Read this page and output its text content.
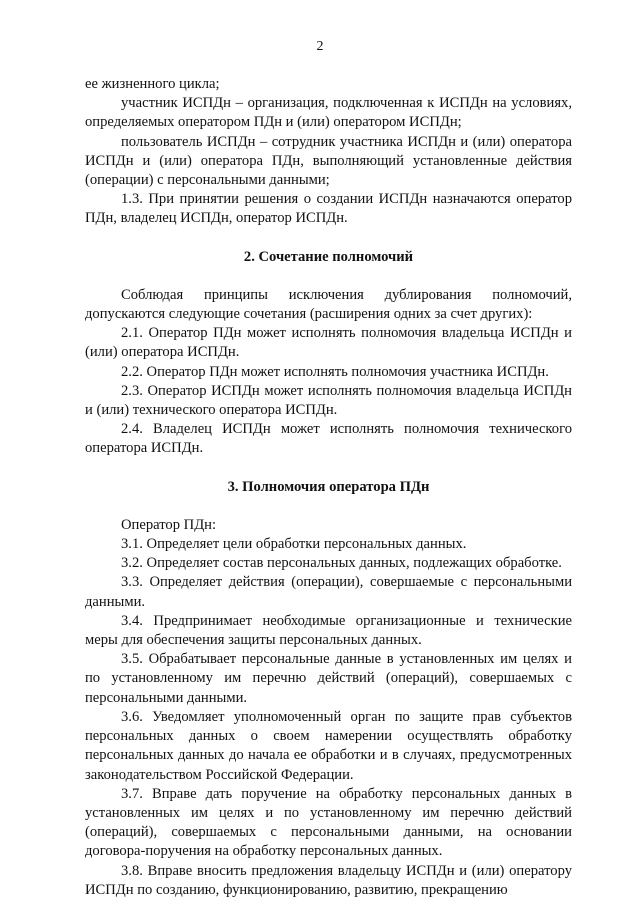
2

ее жизненного цикла;

участник ИСПДн – организация, подключенная к ИСПДн на условиях, определяемых оператором ПДн и (или) оператором ИСПДн;

пользователь ИСПДн – сотрудник участника ИСПДн и (или) оператора ИСПДн и (или) оператора ПДн, выполняющий установленные действия (операции) с персональными данными;

1.3. При принятии решения о создании ИСПДн назначаются оператор ПДн, владелец ИСПДн, оператор ИСПДн.

2. Сочетание полномочий

Соблюдая принципы исключения дублирования полномочий, допускаются следующие сочетания (расширения одних за счет других):

2.1. Оператор ПДн может исполнять полномочия владельца ИСПДн и (или) оператора ИСПДн.

2.2. Оператор ПДн может исполнять полномочия участника ИСПДн.

2.3. Оператор ИСПДн может исполнять полномочия владельца ИСПДн и (или) технического оператора ИСПДн.

2.4. Владелец ИСПДн может исполнять полномочия технического оператора ИСПДн.

3. Полномочия оператора ПДн

Оператор ПДн:

3.1. Определяет цели обработки персональных данных.

3.2. Определяет состав персональных данных, подлежащих обработке.

3.3. Определяет действия (операции), совершаемые с персональными данными.

3.4. Предпринимает необходимые организационные и технические меры для обеспечения защиты персональных данных.

3.5. Обрабатывает персональные данные в установленных им целях и по установленному им перечню действий (операций), совершаемых с персональными данными.

3.6. Уведомляет уполномоченный орган по защите прав субъектов персональных данных о своем намерении осуществлять обработку персональных данных до начала ее обработки и в случаях, предусмотренных законодательством Российской Федерации.

3.7. Вправе дать поручение на обработку персональных данных в установленных им целях и по установленному им перечню действий (операций), совершаемых с персональными данными, на основании договора-поручения на обработку персональных данных.

3.8. Вправе вносить предложения владельцу ИСПДн и (или) оператору ИСПДн по созданию, функционированию, развитию, прекращению
